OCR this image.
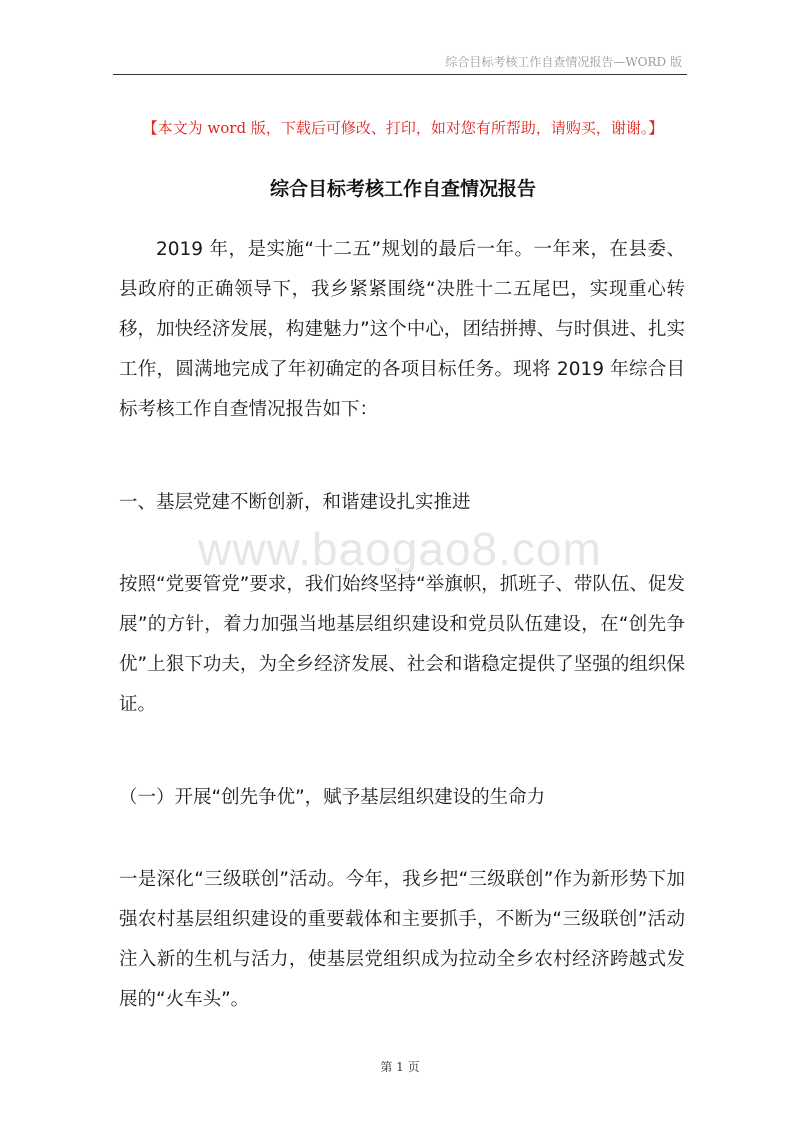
综合目标考核工作自查情况报告—WORD 版
【本文为 word 版，下载后可修改、打印，如对您有所帮助，请购买，谢谢。】
综合目标考核工作自查情况报告

2019 年，是实施“十二五”规划的最后一年。一年来，在县委、县政府的正确领导下，我乡紧紧围绕“决胜十二五尾巴，实现重心转移，加快经济发展，构建魅力”这个中心，团结拼搏、与时俱进、扎实工作，圆满地完成了年初确定的各项目标任务。现将 2019 年综合目标考核工作自查情况报告如下：

一、基层党建不断创新，和谐建设扎实推进

www.baogao8.com

按照“党要管党”要求，我们始终坚持“举旗帜，抓班子、带队伍、促发展”的方针，着力加强当地基层组织建设和党员队伍建设，在“创先争优”上狠下功夫，为全乡经济发展、社会和谐稳定提供了坚强的组织保证。

（一）开展“创先争优”，赋予基层组织建设的生命力

一是深化“三级联创”活动。今年，我乡把“三级联创”作为新形势下加强农村基层组织建设的重要载体和主要抓手，不断为“三级联创”活动注入新的生机与活力，使基层党组织成为拉动全乡农村经济跨越式发展的“火车头”。

第 1 页
